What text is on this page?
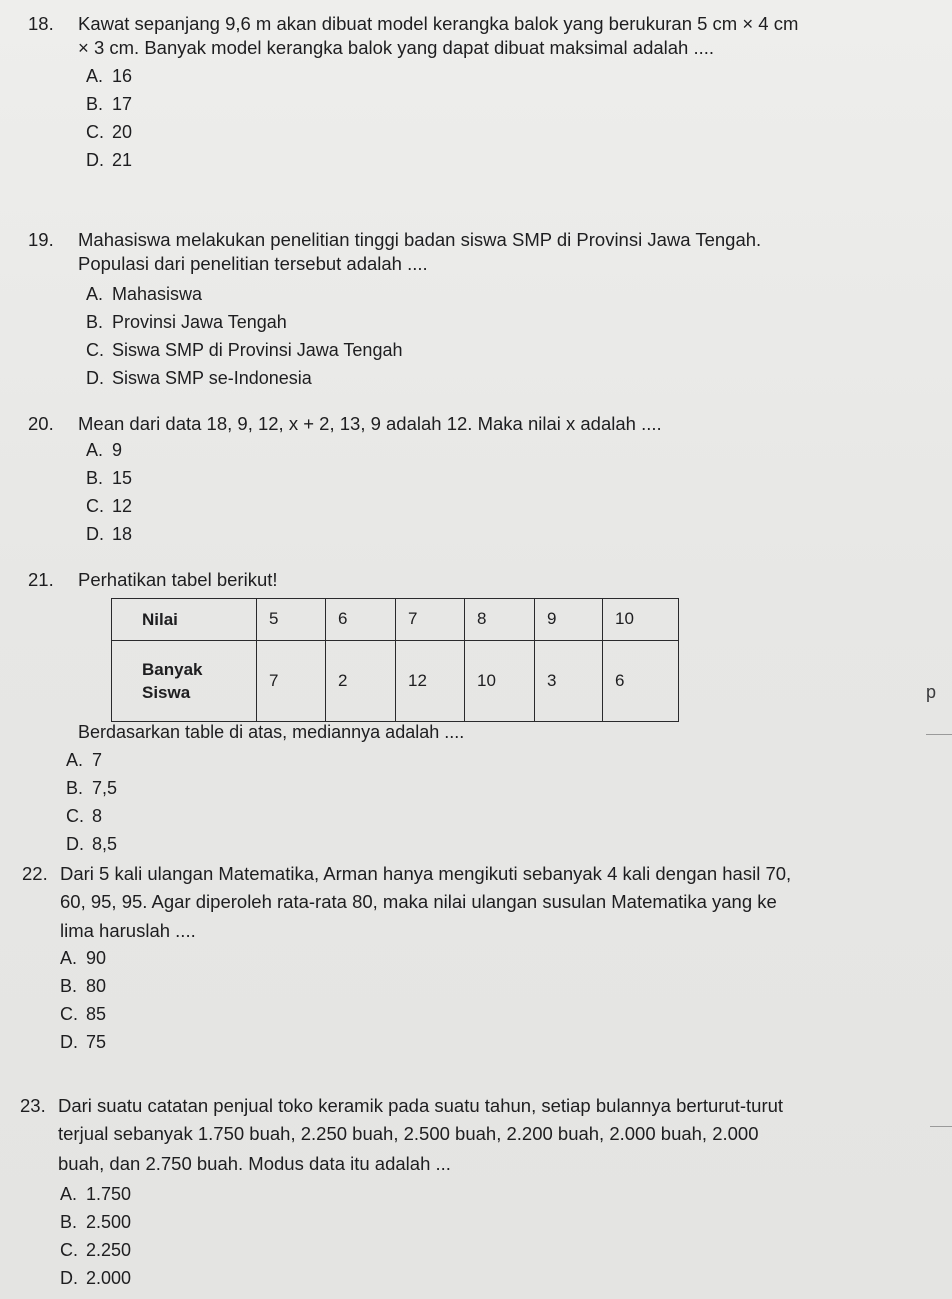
18. Kawat sepanjang 9,6 m akan dibuat model kerangka balok yang berukuran 5 cm × 4 cm
× 3 cm. Banyak model kerangka balok yang dapat dibuat maksimal adalah ....
A. 16
B. 17
C. 20
D. 21
19. Mahasiswa melakukan penelitian tinggi badan siswa SMP di Provinsi Jawa Tengah.
Populasi dari penelitian tersebut adalah ....
A. Mahasiswa
B. Provinsi Jawa Tengah
C. Siswa SMP di Provinsi Jawa Tengah
D. Siswa SMP se-Indonesia
20. Mean dari data 18, 9, 12, x + 2, 13, 9 adalah 12. Maka nilai x adalah ....
A. 9
B. 15
C. 12
D. 18
21. Perhatikan tabel berikut!
Nilai	5	6	7	8	9	10

Banyak
Siswa	7	2	12	10	3	6
Berdasarkan table di atas, mediannya adalah ....
A. 7
B. 7,5
C. 8
D. 8,5
22. Dari 5 kali ulangan Matematika, Arman hanya mengikuti sebanyak 4 kali dengan hasil 70,
60, 95, 95. Agar diperoleh rata-rata 80, maka nilai ulangan susulan Matematika yang ke
lima haruslah ....
A. 90
B. 80
C. 85
D. 75
23. Dari suatu catatan penjual toko keramik pada suatu tahun, setiap bulannya berturut-turut
terjual sebanyak 1.750 buah, 2.250 buah, 2.500 buah, 2.200 buah, 2.000 buah, 2.000
buah, dan 2.750 buah. Modus data itu adalah ...
A. 1.750
B. 2.500
C. 2.250
D. 2.000
p
